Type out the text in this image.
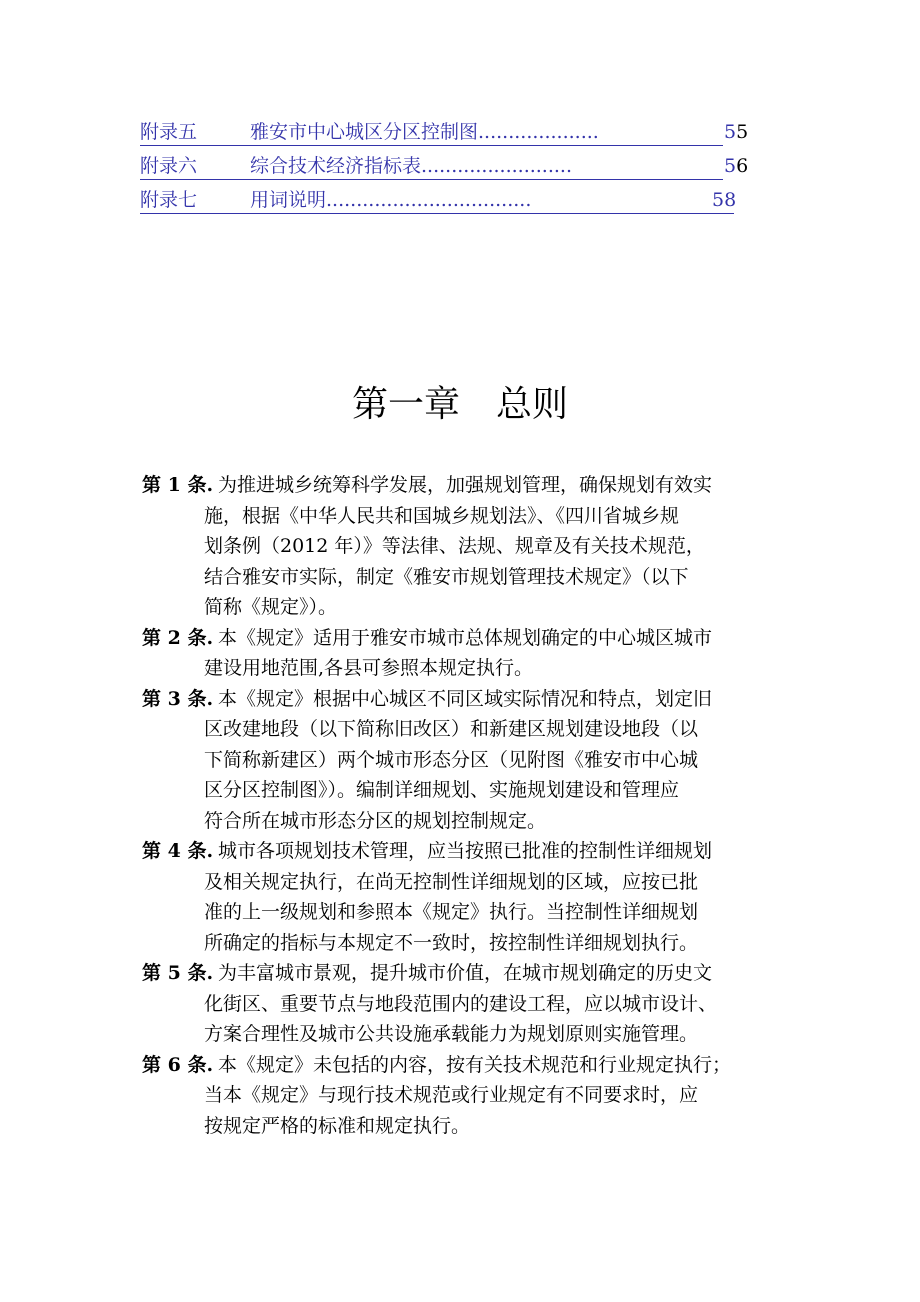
附录五	雅安市中心城区分区控制图....................	55
附录六	综合技术经济指标表.........................	56
附录七	用词说明..................................	58
第一章 总则
第 1 条. 为推进城乡统筹科学发展，加强规划管理，确保规划有效实
施，根据《中华人民共和国城乡规划法》、《四川省城乡规
划条例（2012 年）》等法律、法规、规章及有关技术规范，
结合雅安市实际，制定《雅安市规划管理技术规定》（以下
简称《规定》）。
第 2 条. 本《规定》适用于雅安市城市总体规划确定的中心城区城市
建设用地范围,各县可参照本规定执行。
第 3 条. 本《规定》根据中心城区不同区域实际情况和特点，划定旧
区改建地段（以下简称旧改区）和新建区规划建设地段（以
下简称新建区）两个城市形态分区（见附图《雅安市中心城
区分区控制图》）。编制详细规划、实施规划建设和管理应
符合所在城市形态分区的规划控制规定。
第 4 条. 城市各项规划技术管理，应当按照已批准的控制性详细规划
及相关规定执行，在尚无控制性详细规划的区域，应按已批
准的上一级规划和参照本《规定》执行。当控制性详细规划
所确定的指标与本规定不一致时，按控制性详细规划执行。
第 5 条. 为丰富城市景观，提升城市价值，在城市规划确定的历史文
化街区、重要节点与地段范围内的建设工程，应以城市设计、
方案合理性及城市公共设施承载能力为规划原则实施管理。
第 6 条. 本《规定》未包括的内容，按有关技术规范和行业规定执行；
当本《规定》与现行技术规范或行业规定有不同要求时，应
按规定严格的标准和规定执行。
